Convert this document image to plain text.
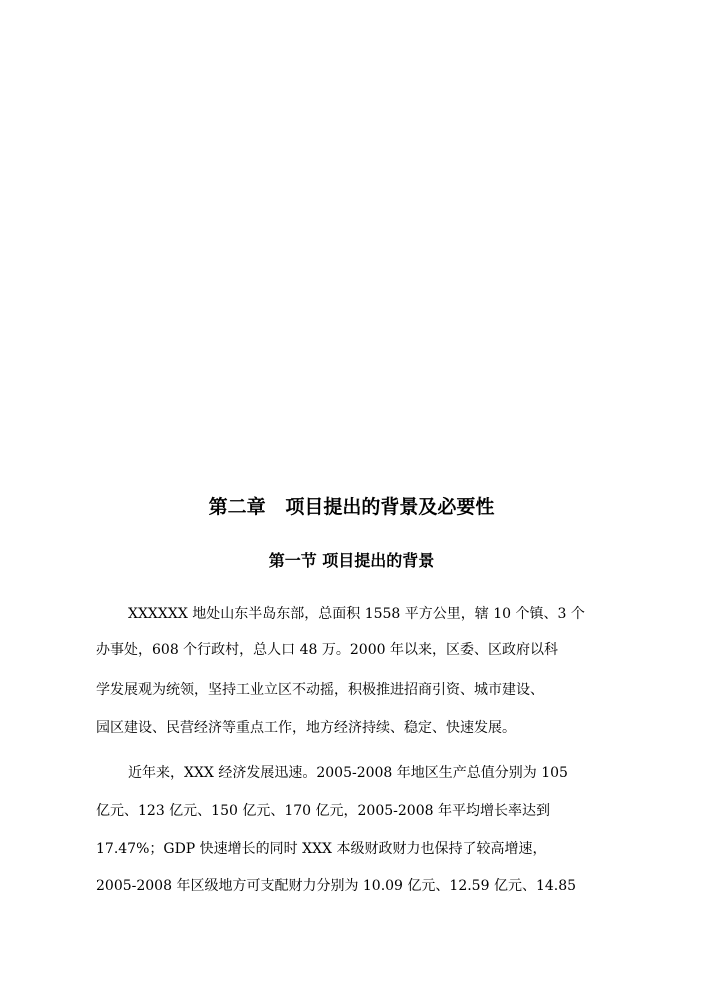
第二章   项目提出的背景及必要性
第一节 项目提出的背景
XXXXXX 地处山东半岛东部，总面积 1558 平方公里，辖 10 个镇、3 个
办事处，608 个行政村，总人口 48 万。2000 年以来，区委、区政府以科
学发展观为统领，坚持工业立区不动摇，积极推进招商引资、城市建设、
园区建设、民营经济等重点工作，地方经济持续、稳定、快速发展。
近年来，XXX 经济发展迅速。2005-2008 年地区生产总值分别为 105
亿元、123 亿元、150 亿元、170 亿元，2005-2008 年平均增长率达到
17.47%；GDP 快速增长的同时 XXX 本级财政财力也保持了较高增速，
2005-2008 年区级地方可支配财力分别为 10.09 亿元、12.59 亿元、14.85
